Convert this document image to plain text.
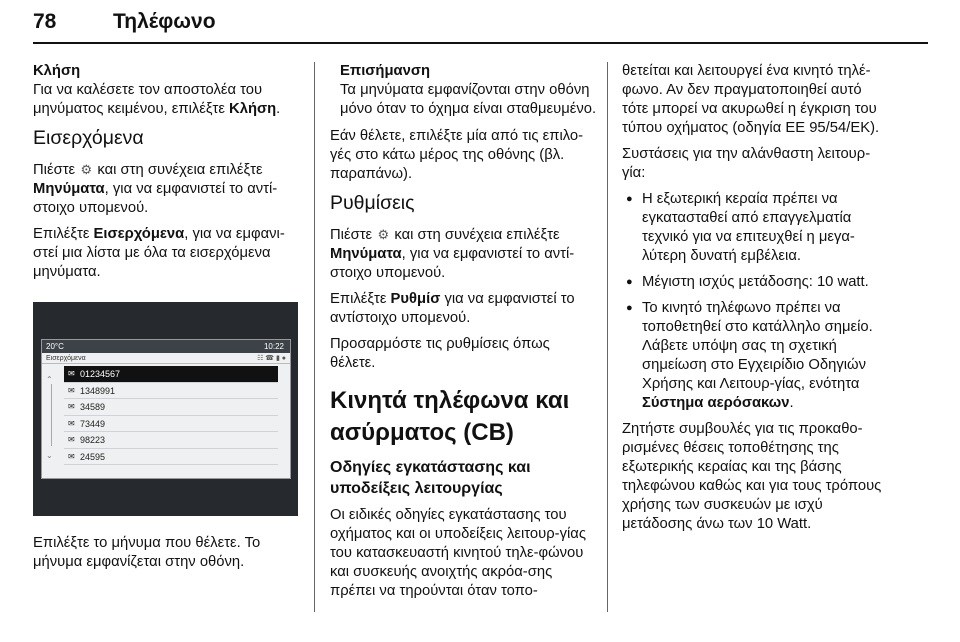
78	Τηλέφωνο
Κλήση
Για να καλέσετε τον αποστολέα του μηνύματος κειμένου, επιλέξτε Κλήση.
Εισερχόμενα
Πιέστε ⚙ και στη συνέχεια επιλέξτε Μηνύματα, για να εμφανιστεί το αντί-στοιχο υπομενού.
Επιλέξτε Εισερχόμενα, για να εμφανι-στεί μια λίστα με όλα τα εισερχόμενα μηνύματα.
20°C	10:22
Εισερχόμενα	☷ ☎ ▮ ●
⌃
⌄
✉ 01234567
✉ 1348991
✉ 34589
✉ 73449
✉ 98223
✉ 24595
Επιλέξτε το μήνυμα που θέλετε. Το μήνυμα εμφανίζεται στην οθόνη.
Επισήμανση
Τα μηνύματα εμφανίζονται στην οθόνη μόνο όταν το όχημα είναι σταθμευμένο.
Εάν θέλετε, επιλέξτε μία από τις επιλο-γές στο κάτω μέρος της οθόνης (βλ. παραπάνω).
Ρυθμίσεις
Πιέστε ⚙ και στη συνέχεια επιλέξτε Μηνύματα, για να εμφανιστεί το αντί-στοιχο υπομενού.
Επιλέξτε Ρυθμίσ για να εμφανιστεί το αντίστοιχο υπομενού.
Προσαρμόστε τις ρυθμίσεις όπως θέλετε.
Κινητά τηλέφωνα και ασύρματος (CB)
Οδηγίες εγκατάστασης και υποδείξεις λειτουργίας
Οι ειδικές οδηγίες εγκατάστασης του οχήματος και οι υποδείξεις λειτουρ-γίας του κατασκευαστή κινητού τηλε-φώνου και συσκευής ανοιχτής ακρόα-σης πρέπει να τηρούνται όταν τοπο-
θετείται και λειτουργεί ένα κινητό τηλέ-φωνο. Αν δεν πραγματοποιηθεί αυτό τότε μπορεί να ακυρωθεί η έγκριση του τύπου οχήματος (οδηγία ΕΕ 95/54/ΕΚ).
Συστάσεις για την αλάνθαστη λειτουρ-γία:
● Η εξωτερική κεραία πρέπει να εγκατασταθεί από επαγγελματία τεχνικό για να επιτευχθεί η μεγα-λύτερη δυνατή εμβέλεια.
● Μέγιστη ισχύς μετάδοσης: 10 watt.
● Το κινητό τηλέφωνο πρέπει να τοποθετηθεί στο κατάλληλο σημείο. Λάβετε υπόψη σας τη σχετική σημείωση στο Εγχειρίδιο Οδηγιών Χρήσης και Λειτουρ-γίας, ενότητα Σύστημα αερόσακων.
Ζητήστε συμβουλές για τις προκαθο-ρισμένες θέσεις τοποθέτησης της εξωτερικής κεραίας και της βάσης τηλεφώνου καθώς και για τους τρόπους χρήσης των συσκευών με ισχύ μετάδοσης άνω των 10 Watt.
